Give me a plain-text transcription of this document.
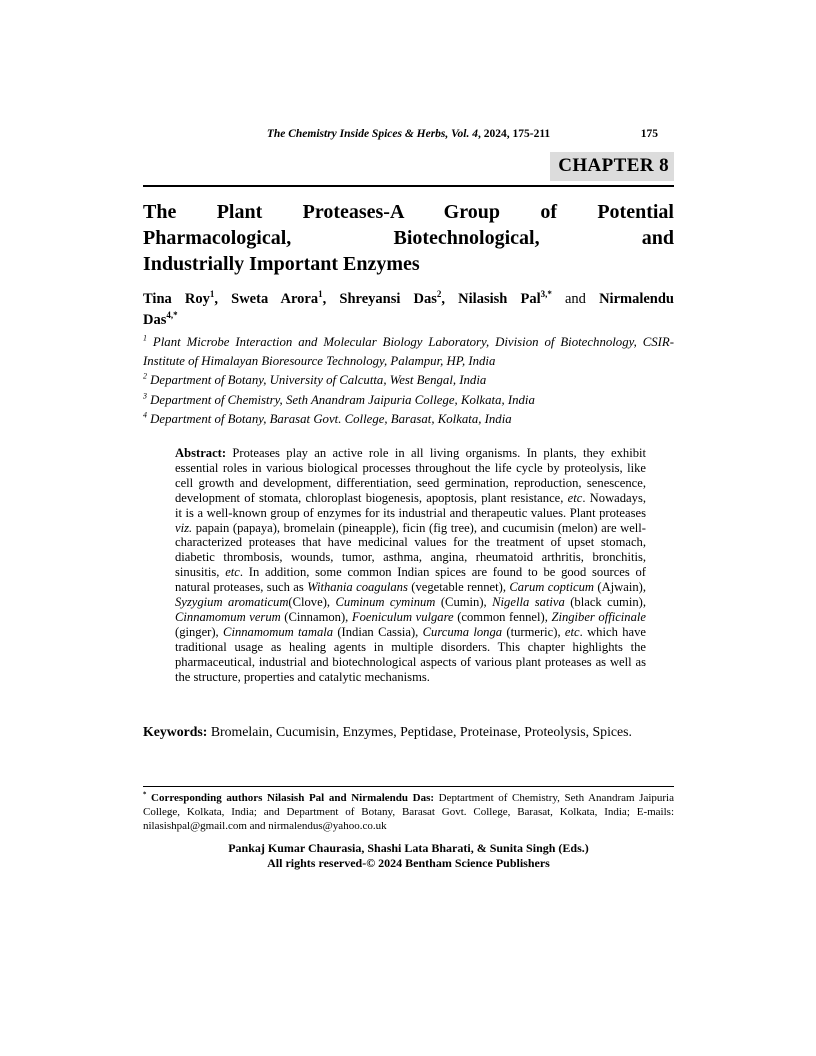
The Chemistry Inside Spices & Herbs, Vol. 4, 2024, 175-211	175
CHAPTER 8
The Plant Proteases-A Group of Potential
Pharmacological, Biotechnological, and
Industrially Important Enzymes
Tina Roy$^1$, Sweta Arora$^1$, Shreyansi Das$^2$, Nilasish Pal$^{3,*}$ and Nirmalendu
Das$^{4,*}$

$^1$ Plant Microbe Interaction and Molecular Biology Laboratory, Division of Biotechnology, CSIR-Institute of Himalayan Bioresource Technology, Palampur, HP, India

$^2$ Department of Botany, University of Calcutta, West Bengal, India

$^3$ Department of Chemistry, Seth Anandram Jaipuria College, Kolkata, India

$^4$ Department of Botany, Barasat Govt. College, Barasat, Kolkata, India

Abstract: Proteases play an active role in all living organisms. In plants, they exhibit essential roles in various biological processes throughout the life cycle by proteolysis, like cell growth and development, differentiation, seed germination, reproduction, senescence, development of stomata, chloroplast biogenesis, apoptosis, plant resistance, etc. Nowadays, it is a well-known group of enzymes for its industrial and therapeutic values. Plant proteases viz. papain (papaya), bromelain (pineapple), ficin (fig tree), and cucumisin (melon) are well-characterized proteases that have medicinal values for the treatment of upset stomach, diabetic thrombosis, wounds, tumor, asthma, angina, rheumatoid arthritis, bronchitis, sinusitis, etc. In addition, some common Indian spices are found to be good sources of natural proteases, such as Withania coagulans (vegetable rennet), Carum copticum (Ajwain), Syzygium aromaticum(Clove), Cuminum cyminum (Cumin), Nigella sativa (black cumin), Cinnamomum verum (Cinnamon), Foeniculum vulgare (common fennel), Zingiber officinale (ginger), Cinnamomum tamala (Indian Cassia), Curcuma longa (turmeric), etc. which have traditional usage as healing agents in multiple disorders. This chapter highlights the pharmaceutical, industrial and biotechnological aspects of various plant proteases as well as the structure, properties and catalytic mechanisms.

Keywords: Bromelain, Cucumisin, Enzymes, Peptidase, Proteinase, Proteolysis, Spices.

* Corresponding authors Nilasish Pal and Nirmalendu Das: Deptartment of Chemistry, Seth Anandram Jaipuria College, Kolkata, India; and Department of Botany, Barasat Govt. College, Barasat, Kolkata, India; E-mails: nilasishpal@gmail.com and nirmalendus@yahoo.co.uk

Pankaj Kumar Chaurasia, Shashi Lata Bharati, & Sunita Singh (Eds.)
All rights reserved-© 2024 Bentham Science Publishers
